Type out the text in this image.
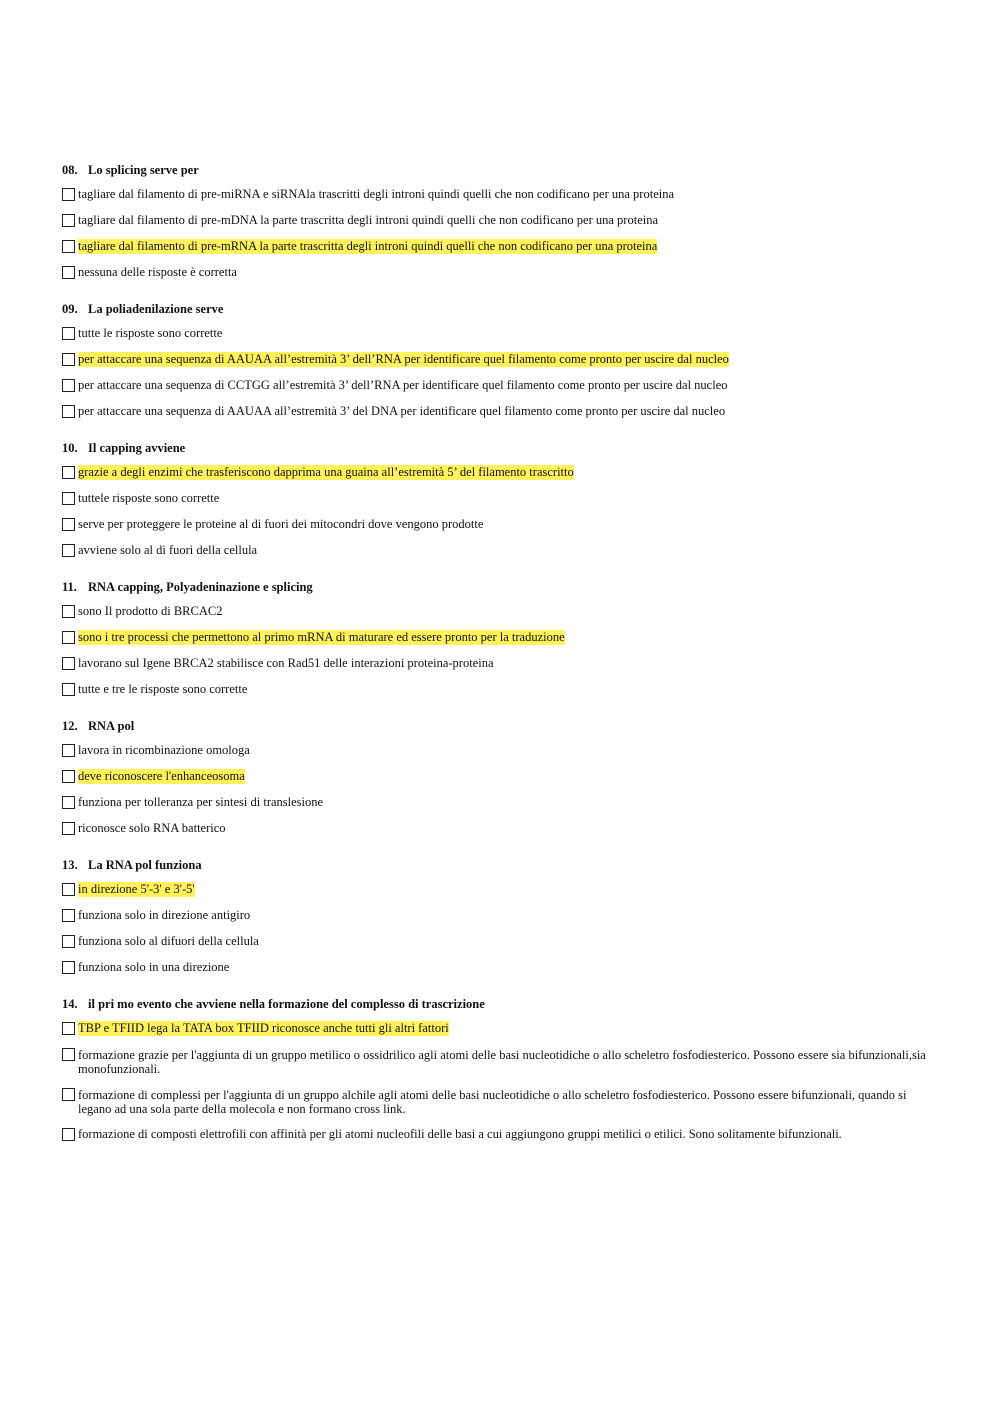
08. Lo splicing serve per
tagliare dal filamento di pre-miRNA e siRNAla trascritti degli introni quindi quelli che non codificano per una proteina
tagliare dal filamento di pre-mDNA la parte trascritta degli introni quindi quelli che non codificano per una proteina
tagliare dal filamento di pre-mRNA la parte trascritta degli introni quindi quelli che non codificano per una proteina
nessuna delle risposte è corretta
09. La poliadenilazione serve
tutte le risposte sono corrette
per attaccare una sequenza di AAUAA all’estremità 3’ dell’RNA per identificare quel filamento come pronto per uscire dal nucleo
per attaccare una sequenza di CCTGG all’estremità 3’ dell’RNA per identificare quel filamento come pronto per uscire dal nucleo
per attaccare una sequenza di AAUAA all’estremità 3’ del DNA per identificare quel filamento come pronto per uscire dal nucleo
10. Il capping avviene
grazie a degli enzimi che trasferiscono dapprima una guaina all’estremità 5’ del filamento trascritto
tuttele risposte sono corrette
serve per proteggere le proteine al di fuori dei mitocondri dove vengono prodotte
avviene solo al di fuori della cellula
11. RNA capping, Polyadeninazione e splicing
sono Il prodotto di BRCAC2
sono i tre processi che permettono al primo mRNA di maturare ed essere pronto per la traduzione
lavorano sul Igene BRCA2 stabilisce con Rad51 delle interazioni proteina-proteina
tutte e tre le risposte sono corrette
12. RNA pol
lavora in ricombinazione omologa
deve riconoscere l'enhanceosoma
funziona per tolleranza per sintesi di translesione
riconosce solo RNA batterico
13. La RNA pol funziona
in direzione 5'-3' e 3'-5'
funziona solo in direzione antigiro
funziona solo al difuori della cellula
funziona solo in una direzione
14. il pri mo evento che avviene nella formazione del complesso di trascrizione
TBP e TFIID lega la TATA box TFIID riconosce anche tutti gli altri fattori
formazione grazie per l'aggiunta di un gruppo metilico o ossidrilico agli atomi delle basi nucleotidiche o allo scheletro fosfodiesterico. Possono essere sia bifunzionali,sia monofunzionali.
formazione di complessi per l'aggiunta di un gruppo alchile agli atomi delle basi nucleotidiche o allo scheletro fosfodiesterico. Possono essere bifunzionali, quando si legano ad una sola parte della molecola e non formano cross link.
formazione di composti elettrofili con affinità per gli atomi nucleofili delle basi a cui aggiungono gruppi metilici o etilici. Sono solitamente bifunzionali.
